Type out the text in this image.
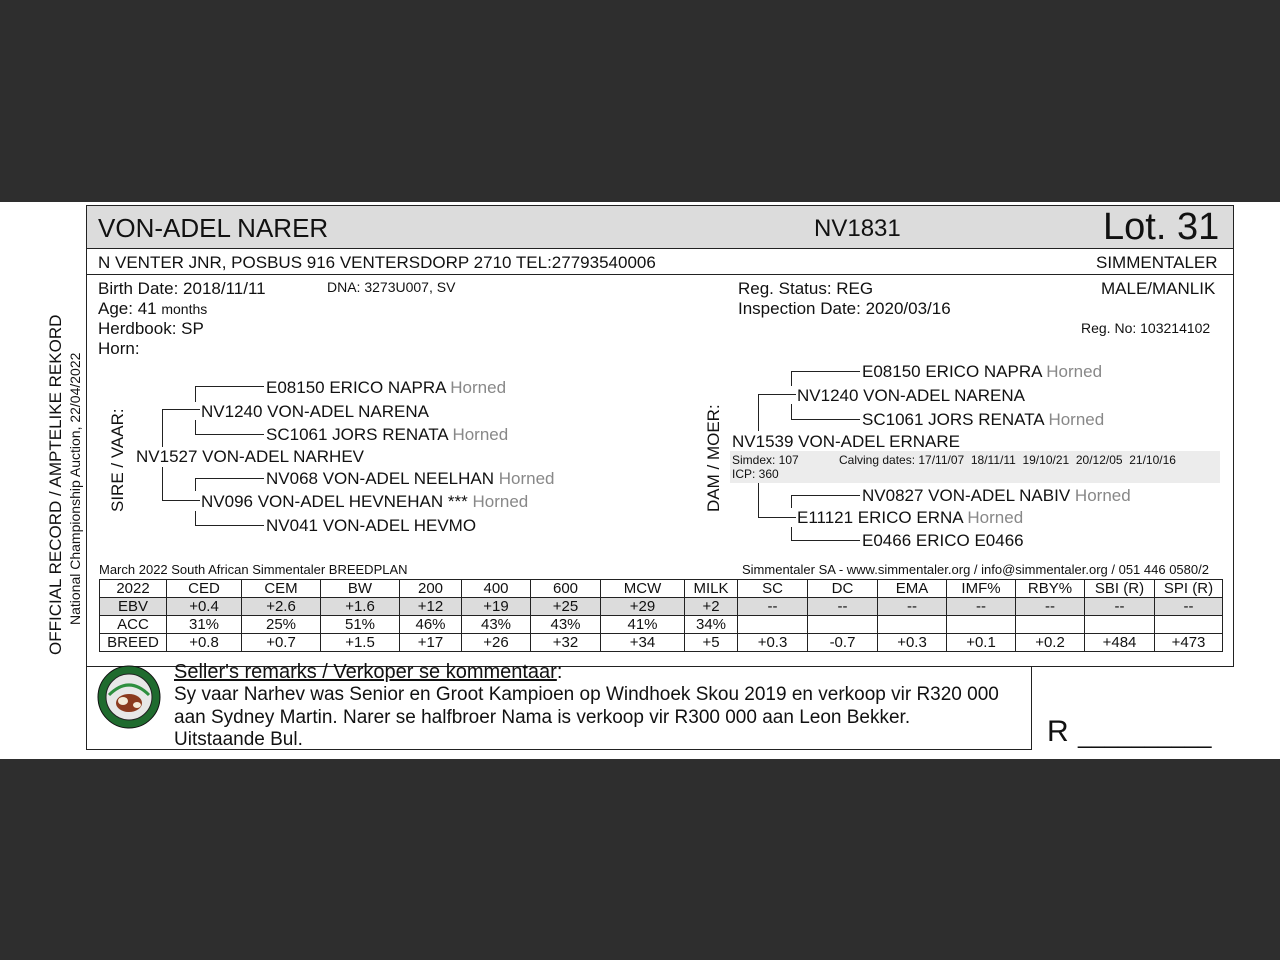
OFFICIAL RECORD / AMPTELIKE REKORD National Championship Auction, 22/04/2022
VON-ADEL NARER	NV1831	Lot. 31
N VENTER JNR, POSBUS 916 VENTERSDORP 2710 TEL:27793540006	SIMMENTALER
Birth Date: 2018/11/11	DNA: 3273U007, SV
Age: 41 months
Herdbook: SP
Horn:
Reg. Status: REG
Inspection Date: 2020/03/16
MALE/MANLIK
Reg. No: 103214102
SIRE / VAAR: NV1527 VON-ADEL NARHEV
NV1240 VON-ADEL NARENA
E08150 ERICO NAPRA Horned
SC1061 JORS RENATA Horned
NV096 VON-ADEL HEVNEHAN *** Horned
NV068 VON-ADEL NEELHAN Horned
NV041 VON-ADEL HEVMO
DAM / MOER: NV1539 VON-ADEL ERNARE
NV1240 VON-ADEL NARENA
E08150 ERICO NAPRA Horned
SC1061 JORS RENATA Horned
Simdex: 107	Calving dates: 17/11/07  18/11/11  19/10/21  20/12/05  21/10/16
ICP: 360
E11121 ERICO ERNA Horned
NV0827 VON-ADEL NABIV Horned
E0466 ERICO E0466
March 2022 South African Simmentaler BREEDPLAN	Simmentaler SA - www.simmentaler.org / info@simmentaler.org / 051 446 0580/2
2022	CED	CEM	BW	200	400	600	MCW	MILK	SC	DC	EMA	IMF%	RBY%	SBI (R)	SPI (R)
EBV	+0.4	+2.6	+1.6	+12	+19	+25	+29	+2	--	--	--	--	--	--	--
ACC	31%	25%	51%	46%	43%	43%	41%	34%							
BREED	+0.8	+0.7	+1.5	+17	+26	+32	+34	+5	+0.3	-0.7	+0.3	+0.1	+0.2	+484	+473
Seller's remarks / Verkoper se kommentaar:
Sy vaar Narhev was Senior en Groot Kampioen op Windhoek Skou 2019 en verkoop vir R320 000
aan Sydney Martin. Narer se halfbroer Nama is verkoop vir R300 000 aan Leon Bekker.
Uitstaande Bul.	R __________
